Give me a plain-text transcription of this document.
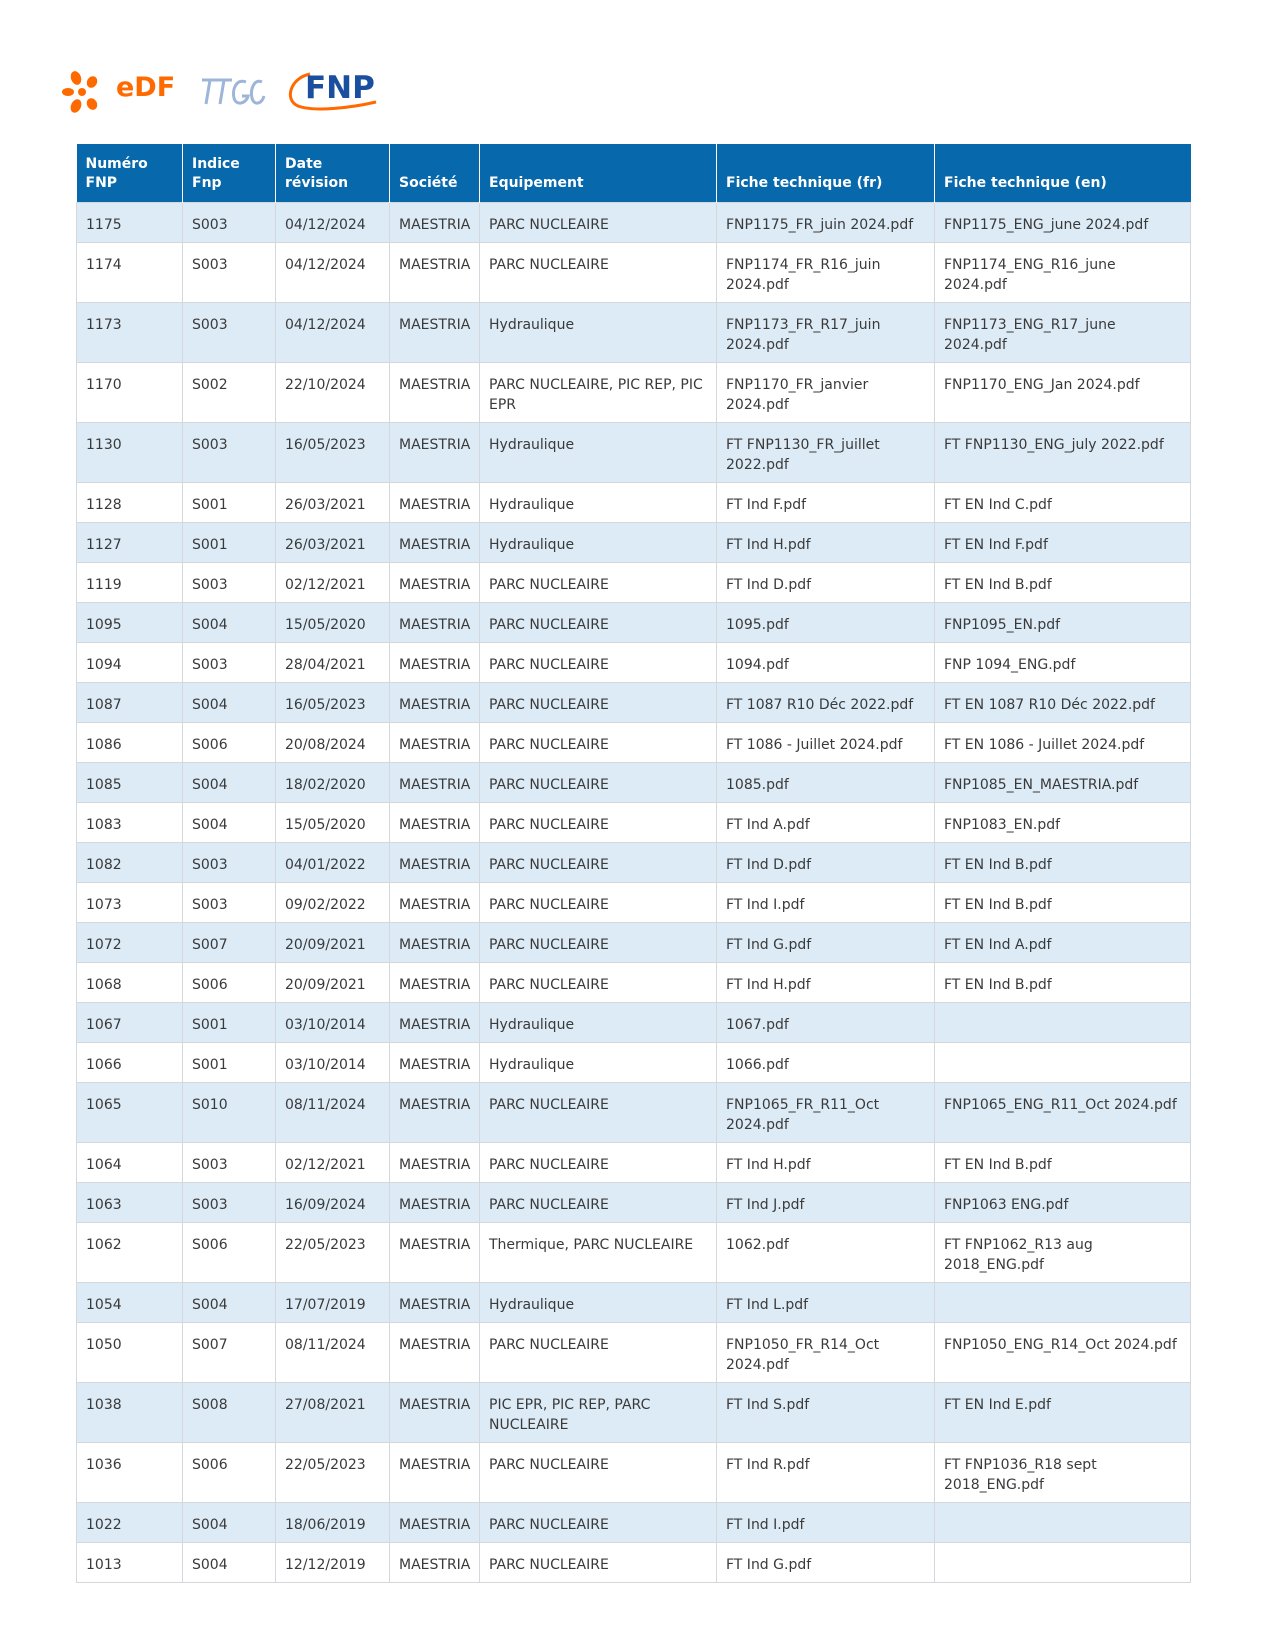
eDF	FNP
Numéro FNP	Indice Fnp	Date révision	Société	Equipement	Fiche technique (fr)	Fiche technique (en)
1175	S003	04/12/2024	MAESTRIA	PARC NUCLEAIRE	FNP1175_FR_juin 2024.pdf	FNP1175_ENG_june 2024.pdf
1174	S003	04/12/2024	MAESTRIA	PARC NUCLEAIRE	FNP1174_FR_R16_juin 2024.pdf	FNP1174_ENG_R16_june 2024.pdf
1173	S003	04/12/2024	MAESTRIA	Hydraulique	FNP1173_FR_R17_juin 2024.pdf	FNP1173_ENG_R17_june 2024.pdf
1170	S002	22/10/2024	MAESTRIA	PARC NUCLEAIRE, PIC REP, PIC EPR	FNP1170_FR_janvier 2024.pdf	FNP1170_ENG_Jan 2024.pdf
1130	S003	16/05/2023	MAESTRIA	Hydraulique	FT FNP1130_FR_juillet 2022.pdf	FT FNP1130_ENG_july 2022.pdf
1128	S001	26/03/2021	MAESTRIA	Hydraulique	FT Ind F.pdf	FT EN Ind C.pdf
1127	S001	26/03/2021	MAESTRIA	Hydraulique	FT Ind H.pdf	FT EN Ind F.pdf
1119	S003	02/12/2021	MAESTRIA	PARC NUCLEAIRE	FT Ind D.pdf	FT EN Ind B.pdf
1095	S004	15/05/2020	MAESTRIA	PARC NUCLEAIRE	1095.pdf	FNP1095_EN.pdf
1094	S003	28/04/2021	MAESTRIA	PARC NUCLEAIRE	1094.pdf	FNP 1094_ENG.pdf
1087	S004	16/05/2023	MAESTRIA	PARC NUCLEAIRE	FT 1087 R10 Déc 2022.pdf	FT EN 1087 R10 Déc 2022.pdf
1086	S006	20/08/2024	MAESTRIA	PARC NUCLEAIRE	FT 1086 - Juillet 2024.pdf	FT EN 1086 - Juillet 2024.pdf
1085	S004	18/02/2020	MAESTRIA	PARC NUCLEAIRE	1085.pdf	FNP1085_EN_MAESTRIA.pdf
1083	S004	15/05/2020	MAESTRIA	PARC NUCLEAIRE	FT Ind A.pdf	FNP1083_EN.pdf
1082	S003	04/01/2022	MAESTRIA	PARC NUCLEAIRE	FT Ind D.pdf	FT EN Ind B.pdf
1073	S003	09/02/2022	MAESTRIA	PARC NUCLEAIRE	FT Ind I.pdf	FT EN Ind B.pdf
1072	S007	20/09/2021	MAESTRIA	PARC NUCLEAIRE	FT Ind G.pdf	FT EN Ind A.pdf
1068	S006	20/09/2021	MAESTRIA	PARC NUCLEAIRE	FT Ind H.pdf	FT EN Ind B.pdf
1067	S001	03/10/2014	MAESTRIA	Hydraulique	1067.pdf	
1066	S001	03/10/2014	MAESTRIA	Hydraulique	1066.pdf	
1065	S010	08/11/2024	MAESTRIA	PARC NUCLEAIRE	FNP1065_FR_R11_Oct 2024.pdf	FNP1065_ENG_R11_Oct 2024.pdf
1064	S003	02/12/2021	MAESTRIA	PARC NUCLEAIRE	FT Ind H.pdf	FT EN Ind B.pdf
1063	S003	16/09/2024	MAESTRIA	PARC NUCLEAIRE	FT Ind J.pdf	FNP1063 ENG.pdf
1062	S006	22/05/2023	MAESTRIA	Thermique, PARC NUCLEAIRE	1062.pdf	FT FNP1062_R13 aug 2018_ENG.pdf
1054	S004	17/07/2019	MAESTRIA	Hydraulique	FT Ind L.pdf	
1050	S007	08/11/2024	MAESTRIA	PARC NUCLEAIRE	FNP1050_FR_R14_Oct 2024.pdf	FNP1050_ENG_R14_Oct 2024.pdf
1038	S008	27/08/2021	MAESTRIA	PIC EPR, PIC REP, PARC NUCLEAIRE	FT Ind S.pdf	FT EN Ind E.pdf
1036	S006	22/05/2023	MAESTRIA	PARC NUCLEAIRE	FT Ind R.pdf	FT FNP1036_R18 sept 2018_ENG.pdf
1022	S004	18/06/2019	MAESTRIA	PARC NUCLEAIRE	FT Ind I.pdf	
1013	S004	12/12/2019	MAESTRIA	PARC NUCLEAIRE	FT Ind G.pdf	
